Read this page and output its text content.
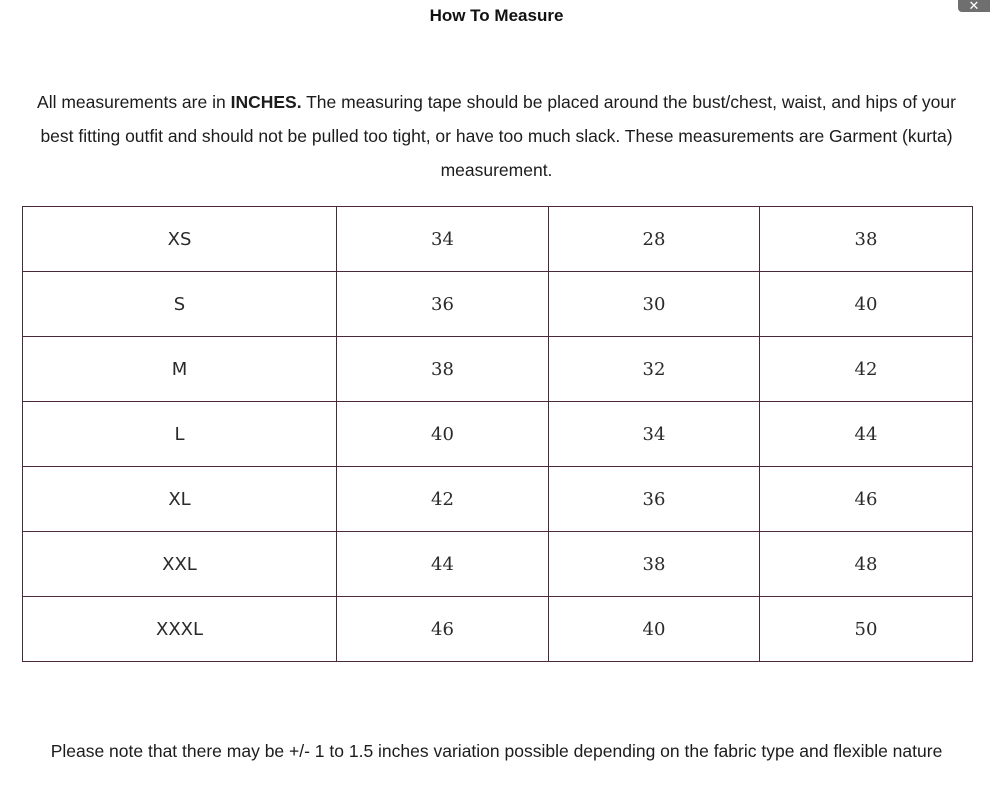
How To Measure
✕
All measurements are in INCHES. The measuring tape should be placed around the bust/chest, waist, and hips of your best fitting outfit and should not be pulled too tight, or have too much slack. These measurements are Garment (kurta) measurement.
XS	34	28	38
S	36	30	40
M	38	32	42
L	40	34	44
XL	42	36	46
XXL	44	38	48
XXXL	46	40	50
Please note that there may be +/- 1 to 1.5 inches variation possible depending on the fabric type and flexible nature
